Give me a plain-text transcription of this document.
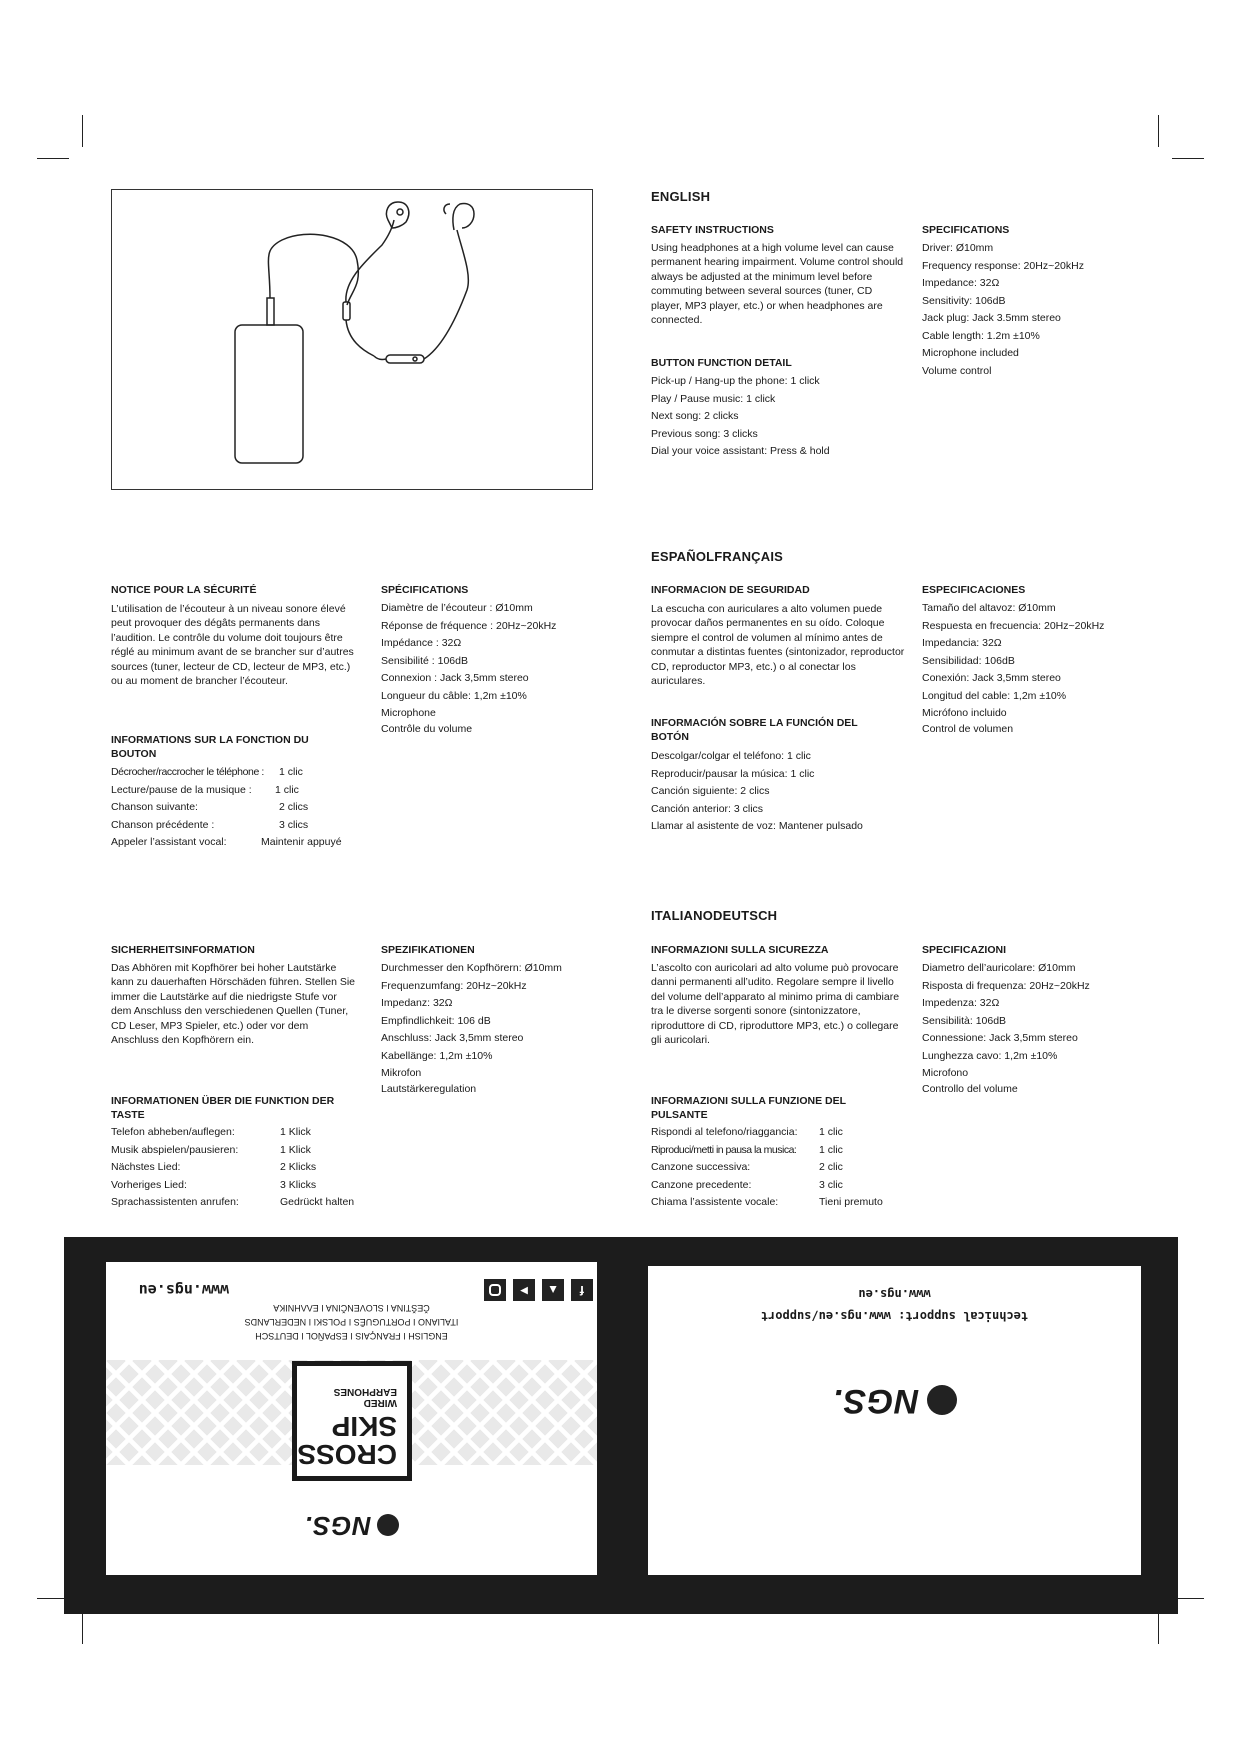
ENGLISH
SAFETY INSTRUCTIONS
Using headphones at a high volume level can cause permanent hearing impairment. Volume control should always be adjusted at the minimum level before commuting between several sources (tuner, CD player, MP3 player, etc.) or when headphones are connected.
BUTTON FUNCTION DETAIL
Pick-up / Hang-up the phone: 1 click
Play / Pause music: 1 click
Next song: 2 clicks
Previous song: 3 clicks
Dial your voice assistant: Press & hold
SPECIFICATIONS
Driver: Ø10mm
Frequency response: 20Hz~20kHz
Impedance: 32Ω
Sensitivity: 106dB
Jack plug: Jack 3.5mm stereo
Cable length: 1.2m ±10%
Microphone included
Volume control
ESPAÑOLFRANÇAIS
NOTICE POUR LA SÉCURITÉ
L’utilisation de l’écouteur à un niveau sonore élevé peut provoquer des dégâts permanents dans l’audition. Le contrôle du volume doit toujours être réglé au minimum avant de se brancher sur d’autres sources (tuner, lecteur de CD, lecteur de MP3, etc.) ou au moment de brancher l’écouteur.
INFORMATIONS SUR LA FONCTION DU BOUTON
Décrocher/raccrocher le téléphone : 1 clic
Lecture/pause de la musique : 1 clic
Chanson suivante:	2 clics
Chanson précédente :	3 clics
Appeler l’assistant vocal:	Maintenir appuyé
SPÉCIFICATIONS
Diamètre de l’écouteur : Ø10mm
Réponse de fréquence : 20Hz~20kHz
Impédance : 32Ω
Sensibilité : 106dB
Connexion : Jack 3,5mm stereo
Longueur du câble: 1,2m ±10%
Microphone
Contrôle du volume
INFORMACION DE SEGURIDAD
La escucha con auriculares a alto volumen puede provocar daños permanentes en su oído. Coloque siempre el control de volumen al mínimo antes de conmutar a distintas fuentes (sintonizador, reproductor CD, reproductor MP3, etc.) o al conectar los auriculares.
INFORMACIÓN SOBRE LA FUNCIÓN DEL BOTÓN
Descolgar/colgar el teléfono: 1 clic
Reproducir/pausar la música: 1 clic
Canción siguiente: 2 clics
Canción anterior: 3 clics
Llamar al asistente de voz: Mantener pulsado
ESPECIFICACIONES
Tamaño del altavoz: Ø10mm
Respuesta en frecuencia: 20Hz~20kHz
Impedancia: 32Ω
Sensibilidad: 106dB
Conexión: Jack 3,5mm stereo
Longitud del cable: 1,2m ±10%
Micrófono incluido
Control de volumen
ITALIANODEUTSCH
SICHERHEITSINFORMATION
Das Abhören mit Kopfhörer bei hoher Lautstärke kann zu dauerhaften Hörschäden führen. Stellen Sie immer die Lautstärke auf die niedrigste Stufe vor dem Anschluss den verschiedenen Quellen (Tuner, CD Leser, MP3 Spieler, etc.) oder vor dem Anschluss den Kopfhörern ein.
INFORMATIONEN ÜBER DIE FUNKTION DER TASTE
Telefon abheben/auflegen:	1 Klick
Musik abspielen/pausieren:	1 Klick
Nächstes Lied:	2 Klicks
Vorheriges Lied:	3 Klicks
Sprachassistenten anrufen:	Gedrückt halten
SPEZIFIKATIONEN
Durchmesser den Kopfhörern: Ø10mm
Frequenzumfang: 20Hz~20kHz
Impedanz: 32Ω
Empfindlichkeit: 106 dB
Anschluss: Jack 3,5mm stereo
Kabellänge: 1,2m ±10%
Mikrofon
Lautstärkeregulation
INFORMAZIONI SULLA SICUREZZA
L’ascolto con auricolari ad alto volume può provocare danni permanenti all’udito. Regolare sempre il livello del volume dell’apparato al minimo prima di cambiare tra le diverse sorgenti sonore (sintonizzatore, riproduttore di CD, riproduttore MP3, etc.) o collegare gli auricolari.
INFORMAZIONI SULLA FUNZIONE DEL PULSANTE
Rispondi al telefono/riaggancia: 1 clic
Riproduci/metti in pausa la musica: 1 clic
Canzone successiva:	2 clic
Canzone precedente:	3 clic
Chiama l’assistente vocale:	Tieni premuto
SPECIFICAZIONI
Diametro dell’auricolare: Ø10mm
Risposta di frequenza: 20Hz~20kHz
Impedenza: 32Ω
Sensibilità: 106dB
Connessione: Jack 3,5mm stereo
Lunghezza cavo: 1,2m ±10%
Microfono
Controllo del volume
NGS.
CROSS
SKIP
WIRED
EARPHONES
ENGLISH I FRANÇAIS I ESPAÑOL I DEUTSCH
ITALIANO I PORTUGUÊS I POLSKI I NEDERLANDS
ČEŠTINA I SLOVENČINA I ΕΛΛΗΝΙΚΑ
f
▲
▶
www.ngs.eu
NGS.
technical support: www.ngs.eu/support
www.ngs.eu
